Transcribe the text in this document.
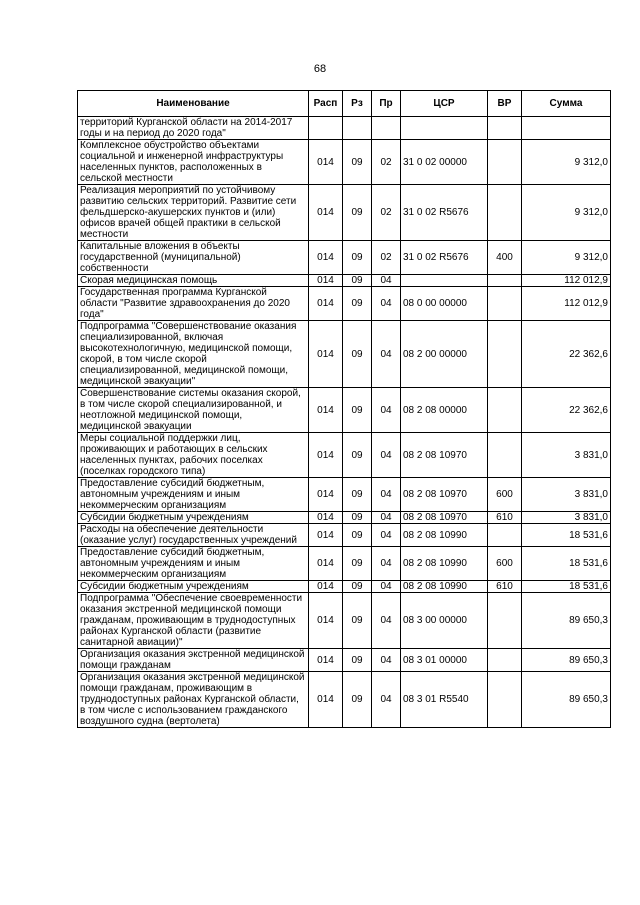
68
Наименование	Расп	Рз	Пр	ЦСР	ВР	Сумма
территорий Курганской области на 2014-2017 годы и на период до 2020 года"						
Комплексное обустройство объектами социальной и инженерной инфраструктуры населенных пунктов, расположенных в сельской местности	014	09	02	31 0 02 00000		9 312,0
Реализация мероприятий по устойчивому развитию сельских территорий. Развитие сети фельдшерско-акушерских пунктов и (или) офисов врачей общей практики в сельской местности	014	09	02	31 0 02 R5676		9 312,0
Капитальные вложения в объекты государственной (муниципальной) собственности	014	09	02	31 0 02 R5676	400	9 312,0
Скорая медицинская помощь	014	09	04			112 012,9
Государственная программа Курганской области "Развитие здравоохранения до 2020 года"	014	09	04	08 0 00 00000		112 012,9
Подпрограмма "Совершенствование оказания специализированной, включая высокотехнологичную, медицинской помощи, скорой, в том числе скорой специализированной, медицинской помощи, медицинской эвакуации"	014	09	04	08 2 00 00000		22 362,6
Совершенствование системы оказания скорой, в том числе скорой специализированной, и неотложной медицинской помощи, медицинской эвакуации	014	09	04	08 2 08 00000		22 362,6
Меры социальной поддержки лиц, проживающих и работающих в сельских населенных пунктах, рабочих поселках (поселках городского типа)	014	09	04	08 2 08 10970		3 831,0
Предоставление субсидий бюджетным, автономным учреждениям и иным некоммерческим организациям	014	09	04	08 2 08 10970	600	3 831,0
Субсидии бюджетным учреждениям	014	09	04	08 2 08 10970	610	3 831,0
Расходы на обеспечение деятельности (оказание услуг) государственных учреждений	014	09	04	08 2 08 10990		18 531,6
Предоставление субсидий бюджетным, автономным учреждениям и иным некоммерческим организациям	014	09	04	08 2 08 10990	600	18 531,6
Субсидии бюджетным учреждениям	014	09	04	08 2 08 10990	610	18 531,6
Подпрограмма "Обеспечение своевременности оказания экстренной медицинской помощи гражданам, проживающим в труднодоступных районах Курганской области (развитие санитарной авиации)"	014	09	04	08 3 00 00000		89 650,3
Организация оказания экстренной медицинской помощи гражданам	014	09	04	08 3 01 00000		89 650,3
Организация оказания экстренной медицинской помощи гражданам, проживающим в труднодоступных районах Курганской области, в том числе с использованием гражданского воздушного судна (вертолета)	014	09	04	08 3 01 R5540		89 650,3
